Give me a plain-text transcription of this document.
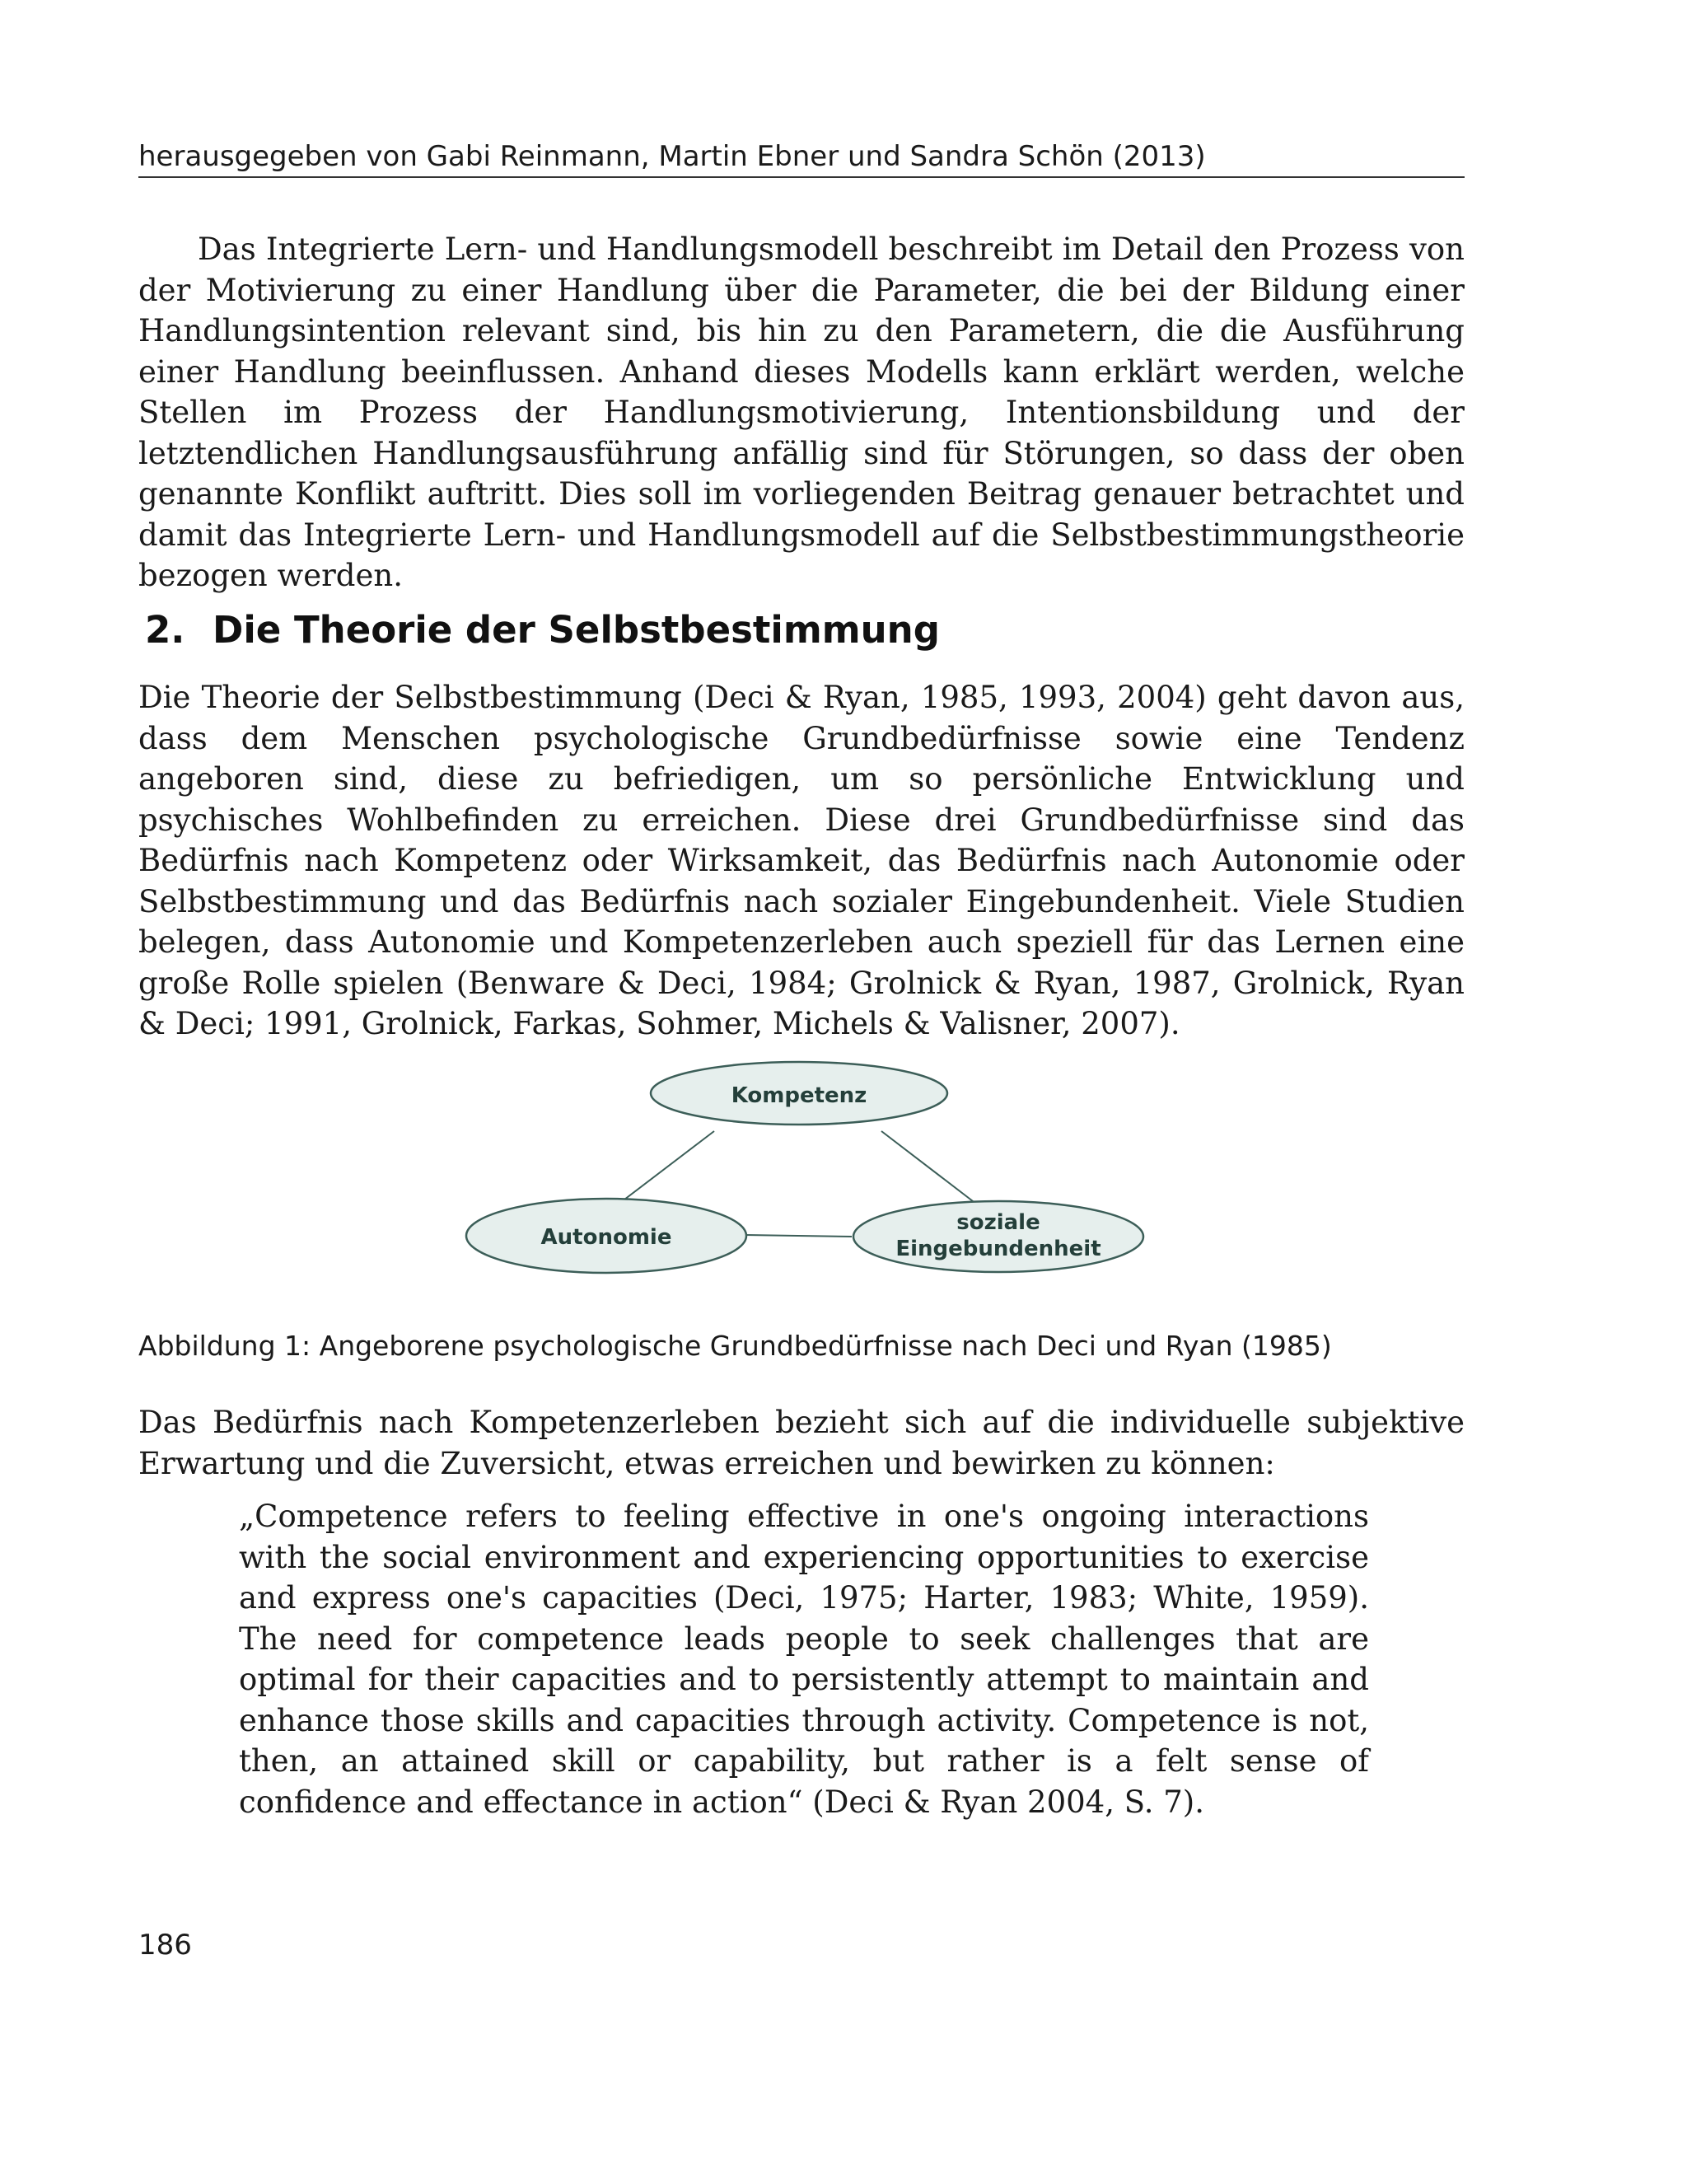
herausgegeben von Gabi Reinmann, Martin Ebner und Sandra Schön (2013)

Das Integrierte Lern- und Handlungsmodell beschreibt im Detail den Prozess von der Motivierung zu einer Handlung über die Parameter, die bei der Bildung einer Handlungsintention relevant sind, bis hin zu den Parametern, die die Ausführung einer Handlung beeinflussen. Anhand dieses Modells kann erklärt werden, welche Stellen im Prozess der Handlungsmotivierung, Intentionsbildung und der letztendlichen Handlungsausführung anfällig sind für Störungen, so dass der oben genannte Konflikt auftritt. Dies soll im vorliegenden Beitrag genauer betrachtet und damit das Integrierte Lern- und Handlungsmodell auf die Selbstbestimmungstheorie bezogen werden.

2. Die Theorie der Selbstbestimmung

Die Theorie der Selbstbestimmung (Deci & Ryan, 1985, 1993, 2004) geht davon aus, dass dem Menschen psychologische Grundbedürfnisse sowie eine Tendenz angeboren sind, diese zu befriedigen, um so persönliche Entwicklung und psychisches Wohlbefinden zu erreichen. Diese drei Grundbedürfnisse sind das Bedürfnis nach Kompetenz oder Wirksamkeit, das Bedürfnis nach Autonomie oder Selbstbestimmung und das Bedürfnis nach sozialer Eingebundenheit. Viele Studien belegen, dass Autonomie und Kompetenzerleben auch speziell für das Lernen eine große Rolle spielen (Benware & Deci, 1984; Grolnick & Ryan, 1987, Grolnick, Ryan & Deci; 1991, Grolnick, Farkas, Sohmer, Michels & Valisner, 2007).

Kompetenz
Autonomie
soziale
Eingebundenheit

Abbildung 1: Angeborene psychologische Grundbedürfnisse nach Deci und Ryan (1985)

Das Bedürfnis nach Kompetenzerleben bezieht sich auf die individuelle subjektive Erwartung und die Zuversicht, etwas erreichen und bewirken zu können:

„Competence refers to feeling effective in one's ongoing interactions with the social environment and experiencing opportunities to exercise and express one's capacities (Deci, 1975; Harter, 1983; White, 1959). The need for competence leads people to seek challenges that are optimal for their capacities and to persistently attempt to maintain and enhance those skills and capacities through activity. Competence is not, then, an attained skill or capability, but rather is a felt sense of confidence and effectance in action“ (Deci & Ryan 2004, S. 7).

186
